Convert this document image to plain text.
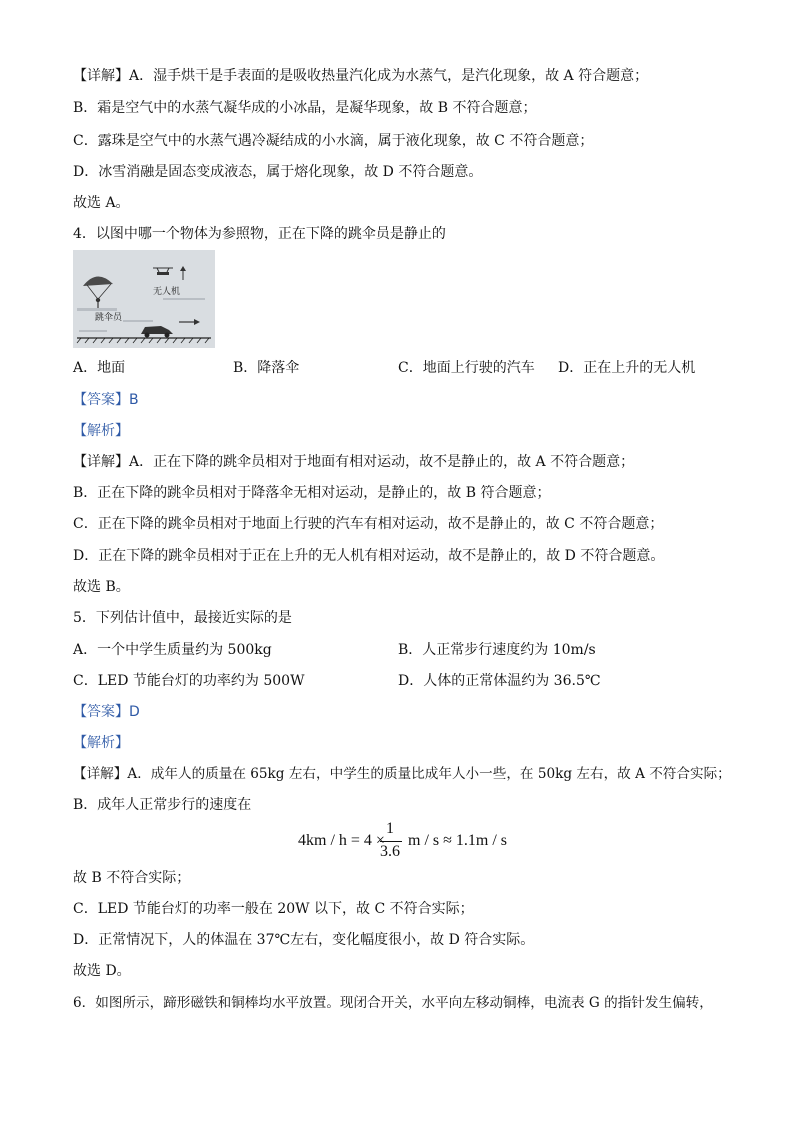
【详解】A．湿手烘干是手表面的是吸收热量汽化成为水蒸气，是汽化现象，故 A 符合题意；
B．霜是空气中的水蒸气凝华成的小冰晶，是凝华现象，故 B 不符合题意；
C．露珠是空气中的水蒸气遇冷凝结成的小水滴，属于液化现象，故 C 不符合题意；
D．冰雪消融是固态变成液态，属于熔化现象，故 D 不符合题意。
故选 A。
4．以图中哪一个物体为参照物，正在下降的跳伞员是静止的
无人机
跳伞员
A．地面	B．降落伞	C．地面上行驶的汽车 D．正在上升的无人机
【答案】B
【解析】
【详解】A．正在下降的跳伞员相对于地面有相对运动，故不是静止的，故 A 不符合题意；
B．正在下降的跳伞员相对于降落伞无相对运动，是静止的，故 B 符合题意；
C．正在下降的跳伞员相对于地面上行驶的汽车有相对运动，故不是静止的，故 C 不符合题意；
D．正在下降的跳伞员相对于正在上升的无人机有相对运动，故不是静止的，故 D 不符合题意。
故选 B。
5．下列估计值中，最接近实际的是
A．一个中学生质量约为 500kg	B．人正常步行速度约为 10m/s
C．LED 节能台灯的功率约为 500W	D．人体的正常体温约为 36.5℃
【答案】D
【解析】
【详解】A．成年人的质量在 65kg 左右，中学生的质量比成年人小一些，在 50kg 左右，故 A 不符合实际；
B．成年人正常步行的速度在
4km / h = 4 ×
1
3.6
m / s ≈ 1.1m / s
故 B 不符合实际；
C．LED 节能台灯的功率一般在 20W 以下，故 C 不符合实际；
D．正常情况下，人的体温在 37℃左右，变化幅度很小，故 D 符合实际。
故选 D。
6．如图所示，蹄形磁铁和铜棒均水平放置。现闭合开关，水平向左移动铜棒，电流表 G 的指针发生偏转，
